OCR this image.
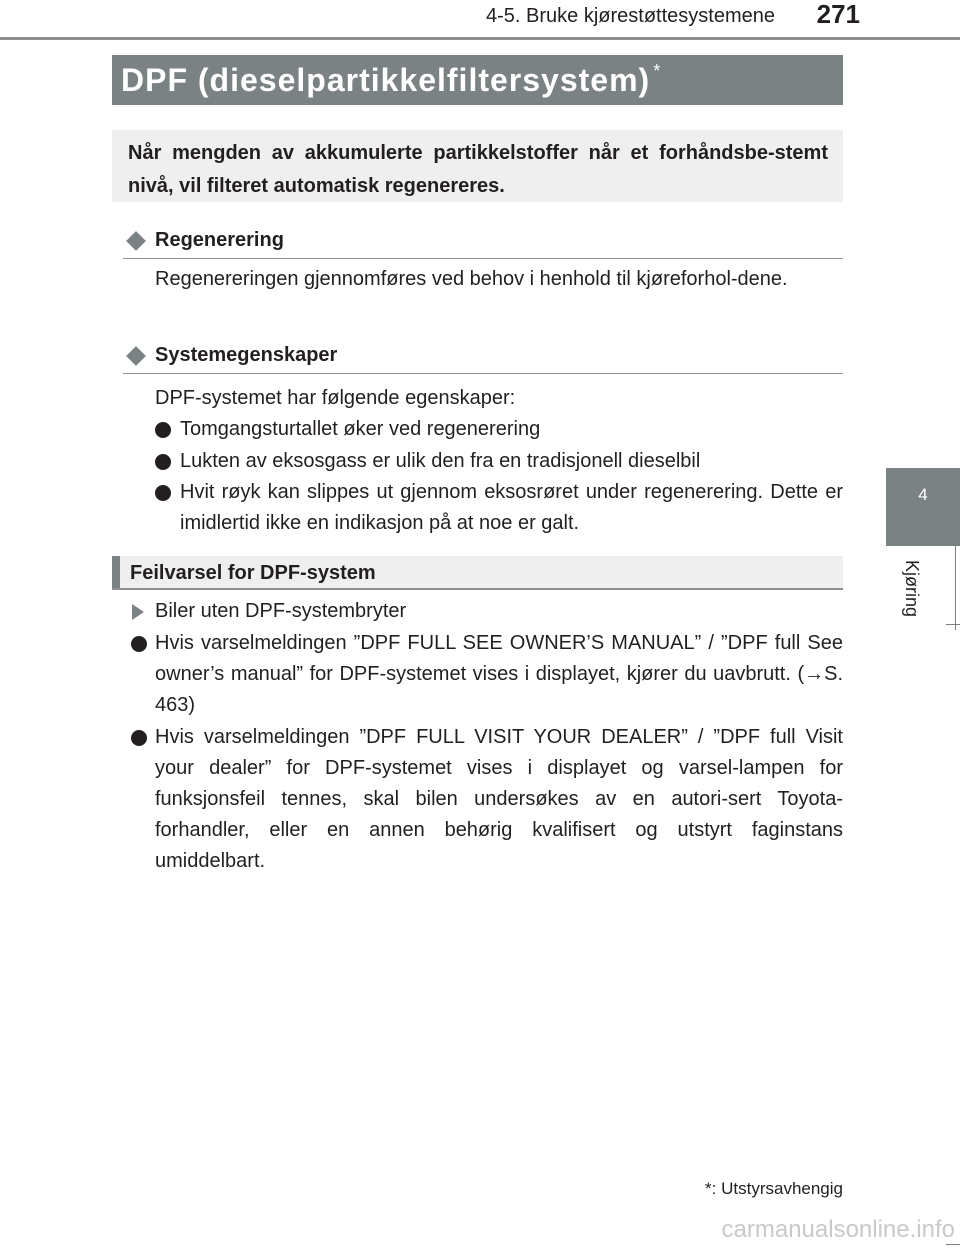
4-5. Bruke kjørestøttesystemene	271
4
Kjøring
DPF (dieselpartikkelfiltersystem) *
Når mengden av akkumulerte partikkelstoffer når et forhåndsbe-stemt nivå, vil filteret automatisk regenereres.
Regenerering
Regenereringen gjennomføres ved behov i henhold til kjøreforhol-dene.
Systemegenskaper
DPF-systemet har følgende egenskaper:
Tomgangsturtallet øker ved regenerering
Lukten av eksosgass er ulik den fra en tradisjonell dieselbil
Hvit røyk kan slippes ut gjennom eksosrøret under regenerering. Dette er imidlertid ikke en indikasjon på at noe er galt.
Feilvarsel for DPF-system
Biler uten DPF-systembryter
Hvis varselmeldingen ”DPF FULL SEE OWNER’S MANUAL” / ”DPF full See owner’s manual” for DPF-systemet vises i displayet, kjører du uavbrutt. (→S. 463)
Hvis varselmeldingen ”DPF FULL VISIT YOUR DEALER” / ”DPF full Visit your dealer” for DPF-systemet vises i displayet og varsel-lampen for funksjonsfeil tennes, skal bilen undersøkes av en autori-sert Toyota-forhandler, eller en annen behørig kvalifisert og utstyrt faginstans umiddelbart.
*: Utstyrsavhengig
carmanualsonline.info
